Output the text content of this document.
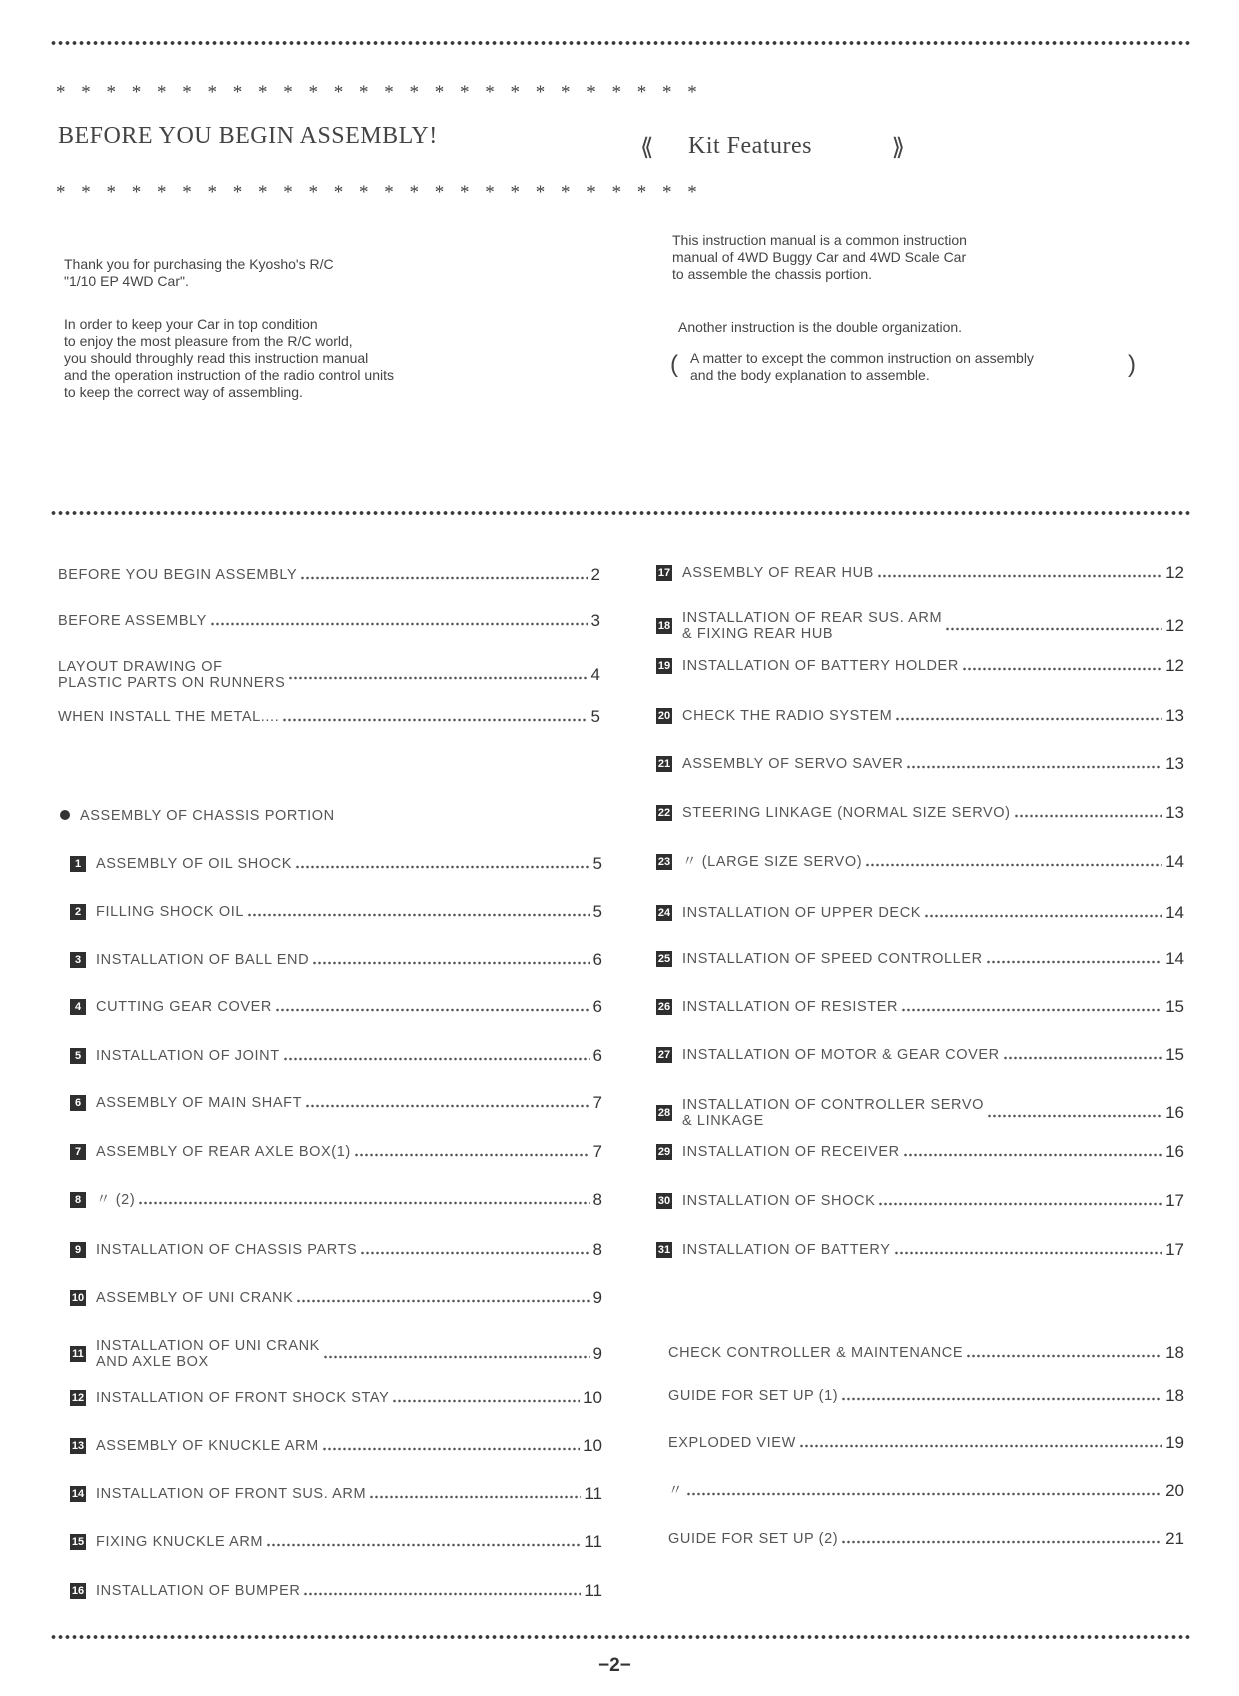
* * * * * * * * * * * * * * * * * * * * * * * * * *
BEFORE YOU BEGIN ASSEMBLY!
* * * * * * * * * * * * * * * * * * * * * * * * * *
⟪ Kit Features	⟫
Thank you for purchasing the Kyosho's R/C
"1/10 EP 4WD Car".
In order to keep your Car in top condition
to enjoy the most pleasure from the R/C world,
you should throughly read this instruction manual
and the operation instruction of the radio control units
to keep the correct way of assembling.
This instruction manual is a common instruction
manual of 4WD Buggy Car and 4WD Scale Car
to assemble the chassis portion.
Another instruction is the double organization.
( A matter to except the common instruction on assembly
and the body explanation to assemble.	)
BEFORE YOU BEGIN ASSEMBLY	2
BEFORE ASSEMBLY	3
LAYOUT DRAWING OF
PLASTIC PARTS ON RUNNERS	4
WHEN INSTALL THE METAL....	5
1	ASSEMBLY OF OIL SHOCK	5
2	FILLING SHOCK OIL	5
3	INSTALLATION OF BALL END	6
4	CUTTING GEAR COVER	6
5	INSTALLATION OF JOINT	6
6	ASSEMBLY OF MAIN SHAFT	7
7	ASSEMBLY OF REAR AXLE BOX(1)	7
8	〃 (2)	8
9	INSTALLATION OF CHASSIS PARTS	8
10 ASSEMBLY OF UNI CRANK	9
11 INSTALLATION OF UNI CRANK
AND AXLE BOX	9
12 INSTALLATION OF FRONT SHOCK STAY	10
13 ASSEMBLY OF KNUCKLE ARM	10
14 INSTALLATION OF FRONT SUS. ARM	11
15 FIXING KNUCKLE ARM	11
16 INSTALLATION OF BUMPER	11
17 ASSEMBLY OF REAR HUB	12
18 INSTALLATION OF REAR SUS. ARM
& FIXING REAR HUB	12
19 INSTALLATION OF BATTERY HOLDER	12
20 CHECK THE RADIO SYSTEM	13
21 ASSEMBLY OF SERVO SAVER	13
22 STEERING LINKAGE (NORMAL SIZE SERVO)	13
23 〃 (LARGE SIZE SERVO)	14
24 INSTALLATION OF UPPER DECK	14
25 INSTALLATION OF SPEED CONTROLLER	14
26 INSTALLATION OF RESISTER	15
27 INSTALLATION OF MOTOR & GEAR COVER	15
28 INSTALLATION OF CONTROLLER SERVO
& LINKAGE	16
29 INSTALLATION OF RECEIVER	16
30 INSTALLATION OF SHOCK	17
31 INSTALLATION OF BATTERY	17
CHECK CONTROLLER & MAINTENANCE	18
GUIDE FOR SET UP (1)	18
EXPLODED VIEW	19
〃	20
GUIDE FOR SET UP (2)	21
ASSEMBLY OF CHASSIS PORTION
−2−
